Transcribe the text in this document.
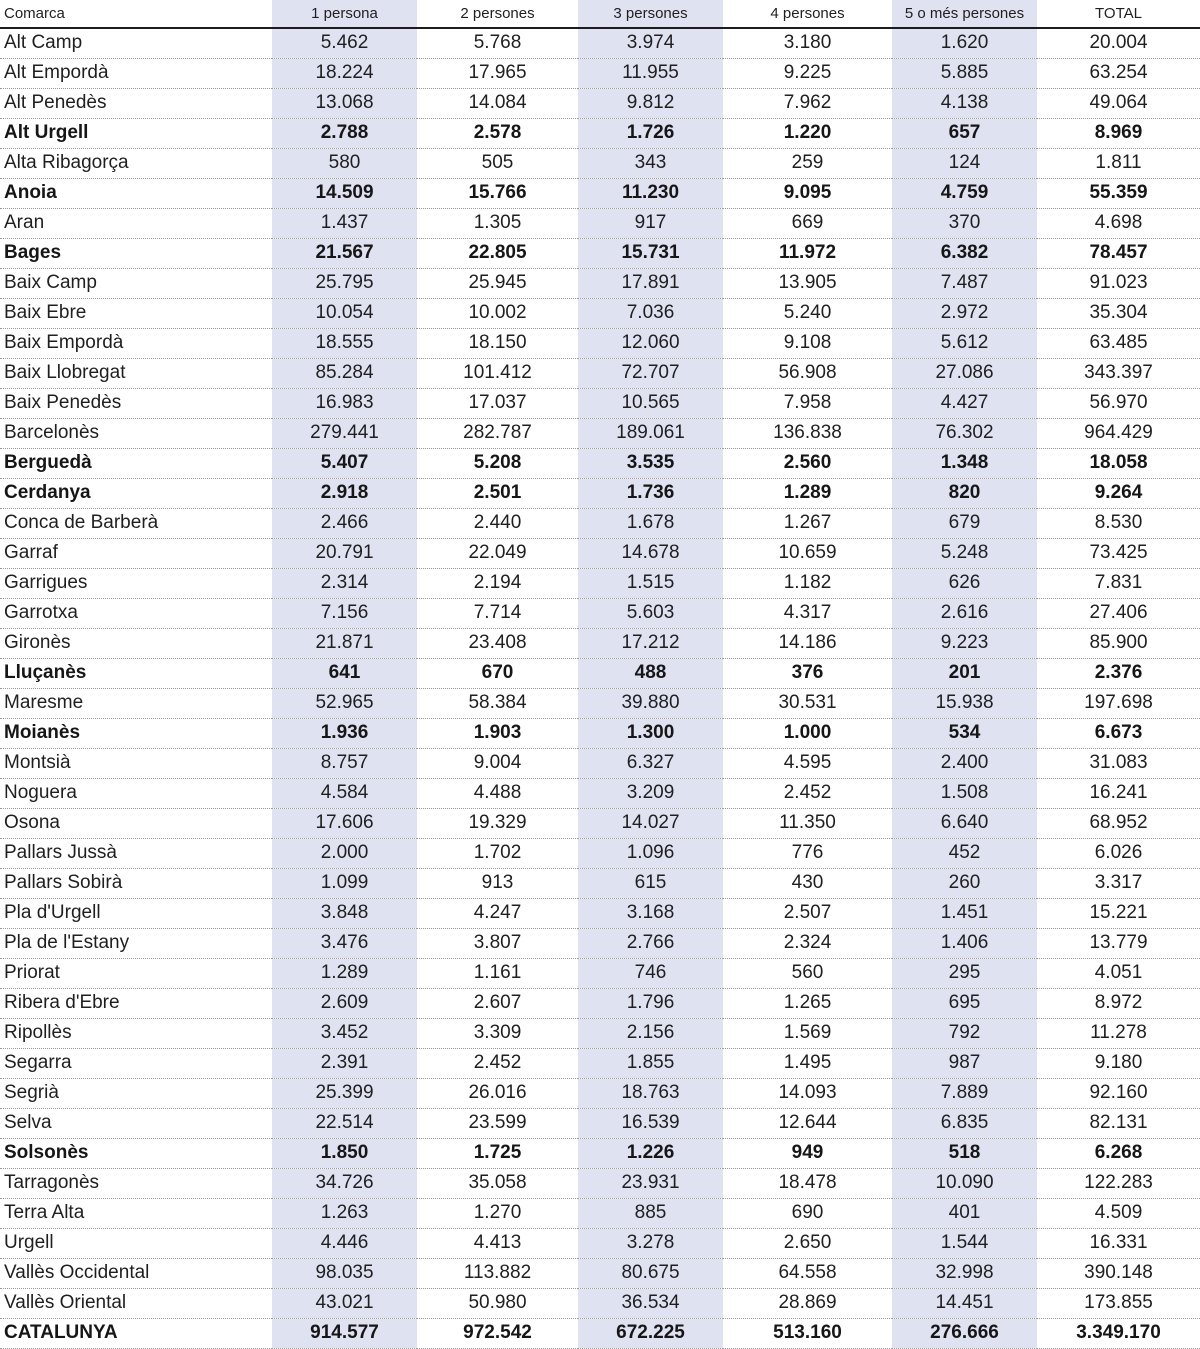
Comarca	1 persona	2 persones	3 persones	4 persones	5 o més persones	TOTAL
Alt Camp	5.462	5.768	3.974	3.180	1.620	20.004
Alt Empordà	18.224	17.965	11.955	9.225	5.885	63.254
Alt Penedès	13.068	14.084	9.812	7.962	4.138	49.064
Alt Urgell	2.788	2.578	1.726	1.220	657	8.969
Alta Ribagorça	580	505	343	259	124	1.811
Anoia	14.509	15.766	11.230	9.095	4.759	55.359
Aran	1.437	1.305	917	669	370	4.698
Bages	21.567	22.805	15.731	11.972	6.382	78.457
Baix Camp	25.795	25.945	17.891	13.905	7.487	91.023
Baix Ebre	10.054	10.002	7.036	5.240	2.972	35.304
Baix Empordà	18.555	18.150	12.060	9.108	5.612	63.485
Baix Llobregat	85.284	101.412	72.707	56.908	27.086	343.397
Baix Penedès	16.983	17.037	10.565	7.958	4.427	56.970
Barcelonès	279.441	282.787	189.061	136.838	76.302	964.429
Berguedà	5.407	5.208	3.535	2.560	1.348	18.058
Cerdanya	2.918	2.501	1.736	1.289	820	9.264
Conca de Barberà	2.466	2.440	1.678	1.267	679	8.530
Garraf	20.791	22.049	14.678	10.659	5.248	73.425
Garrigues	2.314	2.194	1.515	1.182	626	7.831
Garrotxa	7.156	7.714	5.603	4.317	2.616	27.406
Gironès	21.871	23.408	17.212	14.186	9.223	85.900
Lluçanès	641	670	488	376	201	2.376
Maresme	52.965	58.384	39.880	30.531	15.938	197.698
Moianès	1.936	1.903	1.300	1.000	534	6.673
Montsià	8.757	9.004	6.327	4.595	2.400	31.083
Noguera	4.584	4.488	3.209	2.452	1.508	16.241
Osona	17.606	19.329	14.027	11.350	6.640	68.952
Pallars Jussà	2.000	1.702	1.096	776	452	6.026
Pallars Sobirà	1.099	913	615	430	260	3.317
Pla d'Urgell	3.848	4.247	3.168	2.507	1.451	15.221
Pla de l'Estany	3.476	3.807	2.766	2.324	1.406	13.779
Priorat	1.289	1.161	746	560	295	4.051
Ribera d'Ebre	2.609	2.607	1.796	1.265	695	8.972
Ripollès	3.452	3.309	2.156	1.569	792	11.278
Segarra	2.391	2.452	1.855	1.495	987	9.180
Segrià	25.399	26.016	18.763	14.093	7.889	92.160
Selva	22.514	23.599	16.539	12.644	6.835	82.131
Solsonès	1.850	1.725	1.226	949	518	6.268
Tarragonès	34.726	35.058	23.931	18.478	10.090	122.283
Terra Alta	1.263	1.270	885	690	401	4.509
Urgell	4.446	4.413	3.278	2.650	1.544	16.331
Vallès Occidental	98.035	113.882	80.675	64.558	32.998	390.148
Vallès Oriental	43.021	50.980	36.534	28.869	14.451	173.855
CATALUNYA	914.577	972.542	672.225	513.160	276.666	3.349.170
